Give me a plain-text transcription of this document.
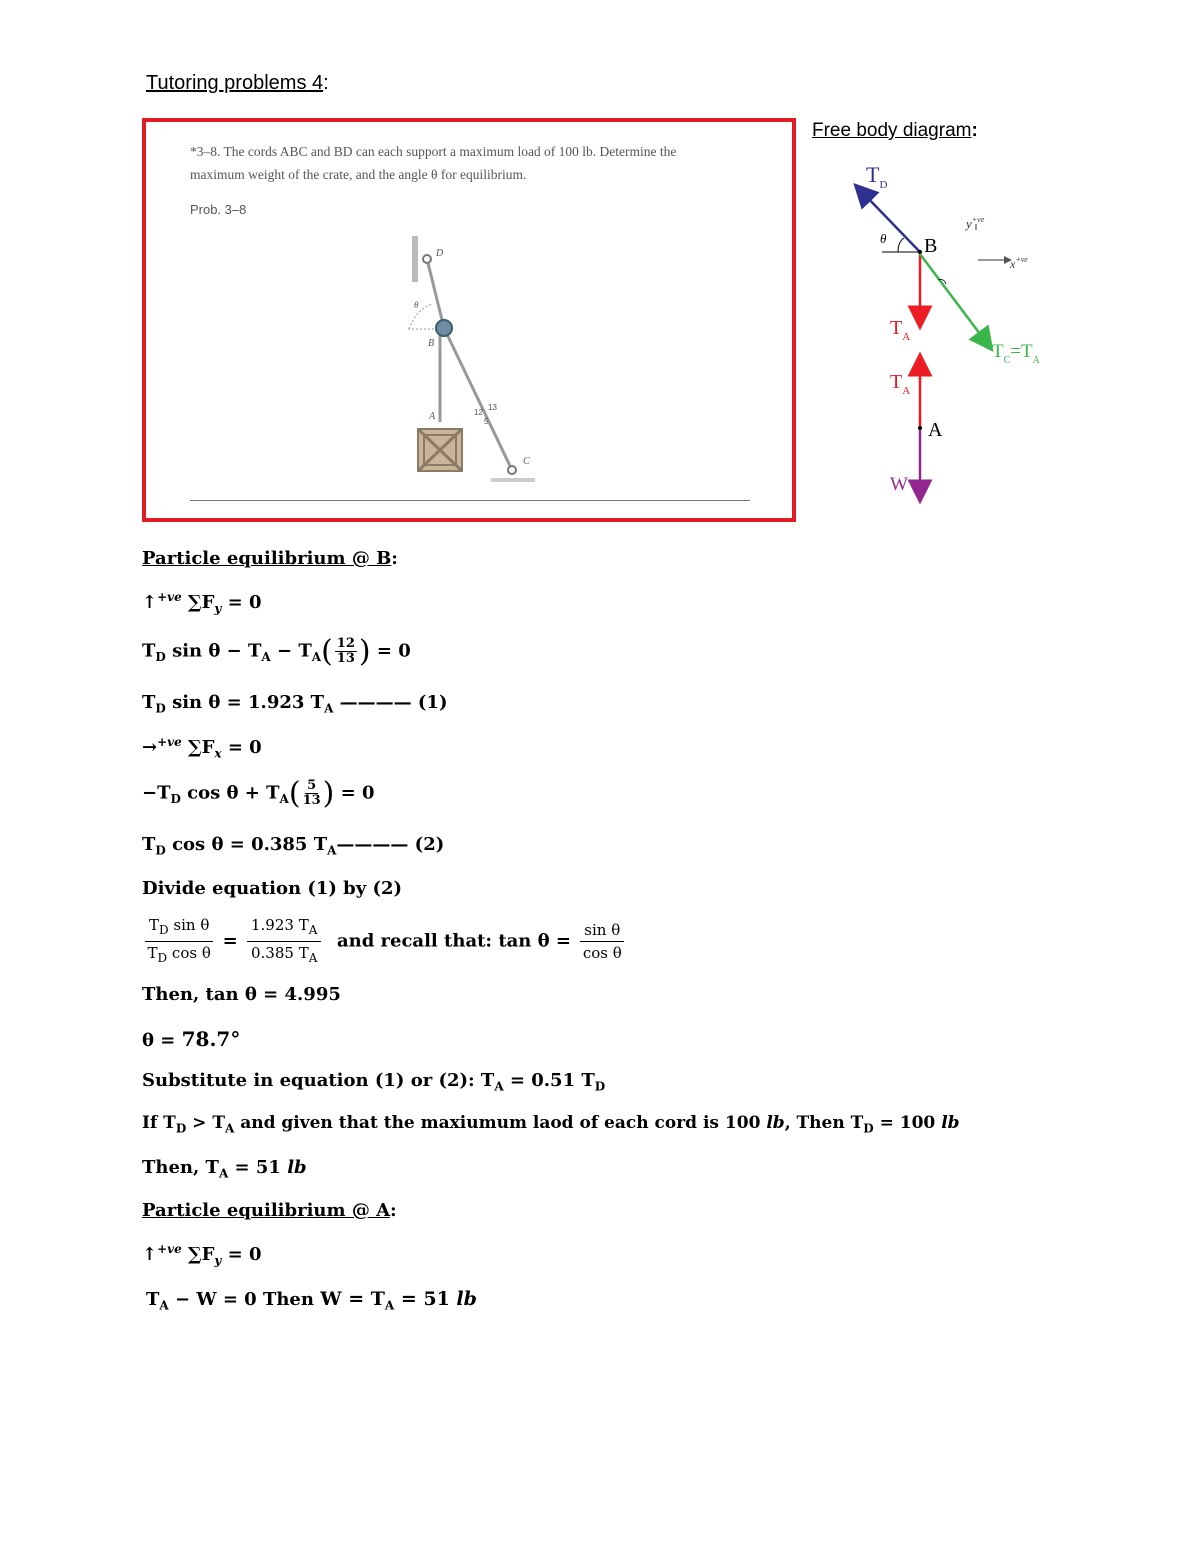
Tutoring problems 4:
*3–8. The cords ABC and BD can each support a maximum load of 100 lb. Determine the
maximum weight of the crate, and the angle θ for equilibrium.
Prob. 3–8
D
θ
B
12
13
5
A
C
Free body diagram:
$T_D$
θ B
$T_A$
$T_C=T_A$
$y^{+ve}$
$x^{+ve}$
$T_A$
A
W
Particle equilibrium @ B:
↑$^{+ve}$ $\sum F_y = 0$
$T_D$ $\sin \theta - T_A - T_A( \frac{12}{13}$ ) = 0
$T_D$ sin θ = 1.923 $T_A$ ———— (1)
→$^{+ve}$ $\sum F_x = 0$
$-T_D$ $\cos \theta + T_A( \frac{5}{13}$ ) = 0
$T_D$ cos θ = 0.385 $T_A————$ (2)
Divide equation (1) by (2)
$\frac{T_D \sin \theta}{T_D \cos \theta} = \frac{1.923 T_A}{0.385 T_A}$ and recall that: $\tan \theta = \frac{\text{sin θ}}{\text{cos θ}}$
Then, tan θ = 4.995
θ = 78.7°
Substitute in equation (1) or (2): $T_A = 0.51$ $T_D$
If $T_D > T_A$ and given that the maxiumum laod of each cord is 100 lb, Then $T_D = 100$ lb
Then, $T_A = 51$ lb
Particle equilibrium @ A:
↑$^{+ve}$ $\sum F_y = 0$
$T_A - W = 0$ Then $W = T_A = 51$ lb
